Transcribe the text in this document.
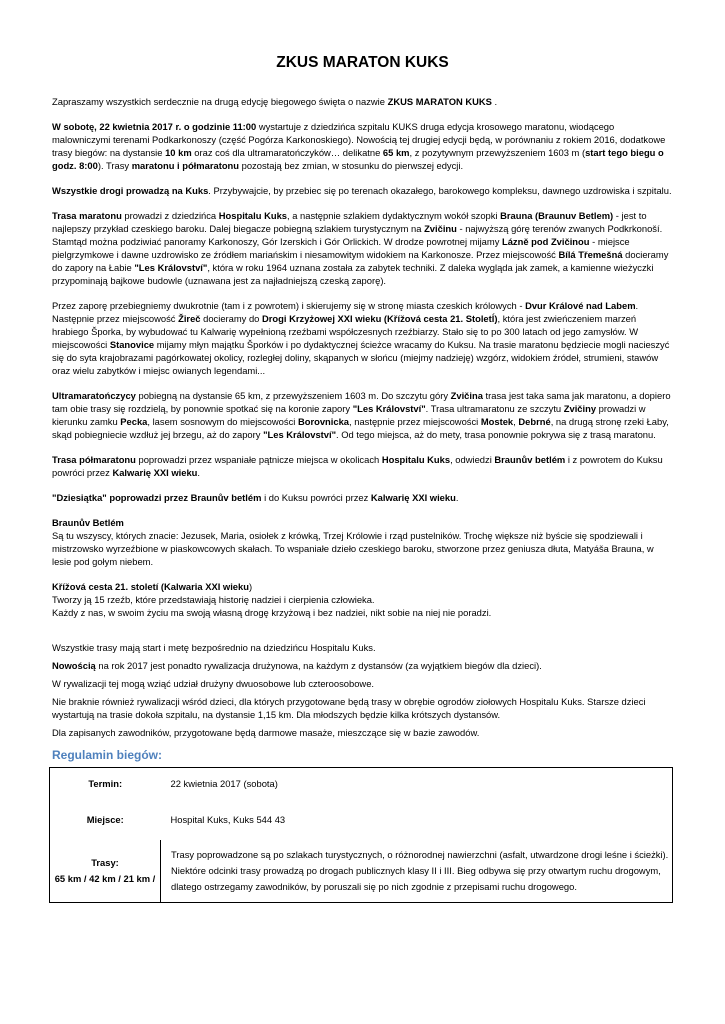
ZKUS MARATON KUKS

Zapraszamy wszystkich serdecznie na drugą edycję biegowego święta o nazwie ZKUS MARATON KUKS .

W sobotę, 22 kwietnia 2017 r. o godzinie 11:00 wystartuje z dziedzińca szpitalu KUKS druga edycja krosowego maratonu, wiodącego malowniczymi terenami Podkarkonoszy (część Pogórza Karkonoskiego). Nowością tej drugiej edycji będą, w porównaniu z rokiem 2016, dodatkowe trasy biegów: na dystansie 10 km oraz coś dla ultramaratończyków… delikatne 65 km, z pozytywnym przewyższeniem 1603 m (start tego biegu o godz. 8:00). Trasy maratonu i półmaratonu pozostają bez zmian, w stosunku do pierwszej edycji.

Wszystkie drogi prowadzą na Kuks. Przybywajcie, by przebiec się po terenach okazałego, barokowego kompleksu, dawnego uzdrowiska i szpitalu.

Trasa maratonu prowadzi z dziedzińca Hospitalu Kuks, a następnie szlakiem dydaktycznym wokół szopki Brauna (Braunuv Betlem) - jest to najlepszy przykład czeskiego baroku. Dalej biegacze pobiegną szlakiem turystycznym na Zvičinu - najwyższą górę terenów zwanych Podkrkonoší. Stamtąd można podziwiać panoramy Karkonoszy, Gór Izerskich i Gór Orlickich. W drodze powrotnej mijamy Lázně pod Zvičinou - miejsce pielgrzymkowe i dawne uzdrowisko ze źródłem mariańskim i niesamowitym widokiem na Karkonosze. Przez miejscowość Bílá Třemešná docieramy do zapory na Łabie "Les Království", która w roku 1964 uznana została za zabytek techniki. Z daleka wygląda jak zamek, a kamienne wieżyczki przypominają bajkowe budowle (uznawana jest za najładniejszą czeską zaporę).

Przez zaporę przebiegniemy dwukrotnie (tam i z powrotem) i skierujemy się w stronę miasta czeskich królowych - Dvur Králové nad Labem. Następnie przez miejscowość Žireč docieramy do Drogi Krzyżowej XXI wieku (Křížová cesta 21. Stoletĺ), która jest zwieńczeniem marzeń hrabiego Šporka, by wybudować tu Kalwarię wypełnioną rzeźbami współczesnych rzeźbiarzy. Stało się to po 300 latach od jego zamysłów. W miejscowości Stanovice mijamy młyn majątku Šporków i po dydaktycznej ścieżce wracamy do Kuksu. Na trasie maratonu będziecie mogli nacieszyć się do syta krajobrazami pagórkowatej okolicy, rozległej doliny, skąpanych w słońcu (miejmy nadzieję) wzgórz, widokiem źródeł, strumieni, stawów oraz wielu zabytków i miejsc owianych legendami...

Ultramaratończycy pobiegną na dystansie 65 km, z przewyższeniem 1603 m. Do szczytu góry Zvičina trasa jest taka sama jak maratonu, a dopiero tam obie trasy się rozdzielą, by ponownie spotkać się na koronie zapory "Les Království". Trasa ultramaratonu ze szczytu Zvičiny prowadzi w kierunku zamku Pecka, lasem sosnowym do miejscowości Borovnicka, następnie przez miejscowości Mostek, Debrné, na drugą stronę rzeki Łaby, skąd pobiegniecie wzdłuż jej brzegu, aż do zapory "Les Království". Od tego miejsca, aż do mety, trasa ponownie pokrywa się z trasą maratonu.

Trasa półmaratonu poprowadzi przez wspaniałe pątnicze miejsca w okolicach Hospitalu Kuks, odwiedzi Braunův betlém i z powrotem do Kuksu powróci przez Kalwarię XXI wieku.

"Dziesiątka" poprowadzi przez Braunův betlém i do Kuksu powróci przez Kalwarię XXI wieku.

Braunův Betlém
Są tu wszyscy, których znacie: Jezusek, Maria, osiołek z krówką, Trzej Królowie i rząd pustelników. Trochę większe niż byście się spodziewali i mistrzowsko wyrzeźbione w piaskowcowych skałach. To wspaniałe dzieło czeskiego baroku, stworzone przez geniusza dłuta, Matyáša Brauna, w lesie pod gołym niebem.

Křížová cesta 21. století (Kalwaria XXI wieku)
Tworzy ją 15 rzeźb, które przedstawiają historię nadziei i cierpienia człowieka.
Każdy z nas, w swoim życiu ma swoją własną drogę krzyżową i bez nadziei, nikt sobie na niej nie poradzi.

Wszystkie trasy mają start i metę bezpośrednio na dziedzińcu Hospitalu Kuks.

Nowością na rok 2017 jest ponadto rywalizacja drużynowa, na każdym z dystansów (za wyjątkiem biegów dla dzieci).

W rywalizacji tej mogą wziąć udział drużyny dwuosobowe lub czteroosobowe.

Nie braknie również rywalizacji wśród dzieci, dla których przygotowane będą trasy w obrębie ogrodów ziołowych Hospitalu Kuks. Starsze dzieci wystartują na trasie dokoła szpitalu, na dystansie 1,15 km. Dla młodszych będzie kilka krótszych dystansów.

Dla zapisanych zawodników, przygotowane będą darmowe masaże, mieszczące się w bazie zawodów.

Regulamin biegów:
Termin:	22 kwietnia 2017 (sobota)
Miejsce:	Hospital Kuks, Kuks 544 43
Trasy:
65 km / 42 km / 21 km /	Trasy poprowadzone są po szlakach turystycznych, o różnorodnej nawierzchni (asfalt, utwardzone drogi leśne i ścieżki). Niektóre odcinki trasy prowadzą po drogach publicznych klasy II i III. Bieg odbywa się przy otwartym ruchu drogowym, dlatego ostrzegamy zawodników, by poruszali się po nich zgodnie z przepisami ruchu drogowego.
